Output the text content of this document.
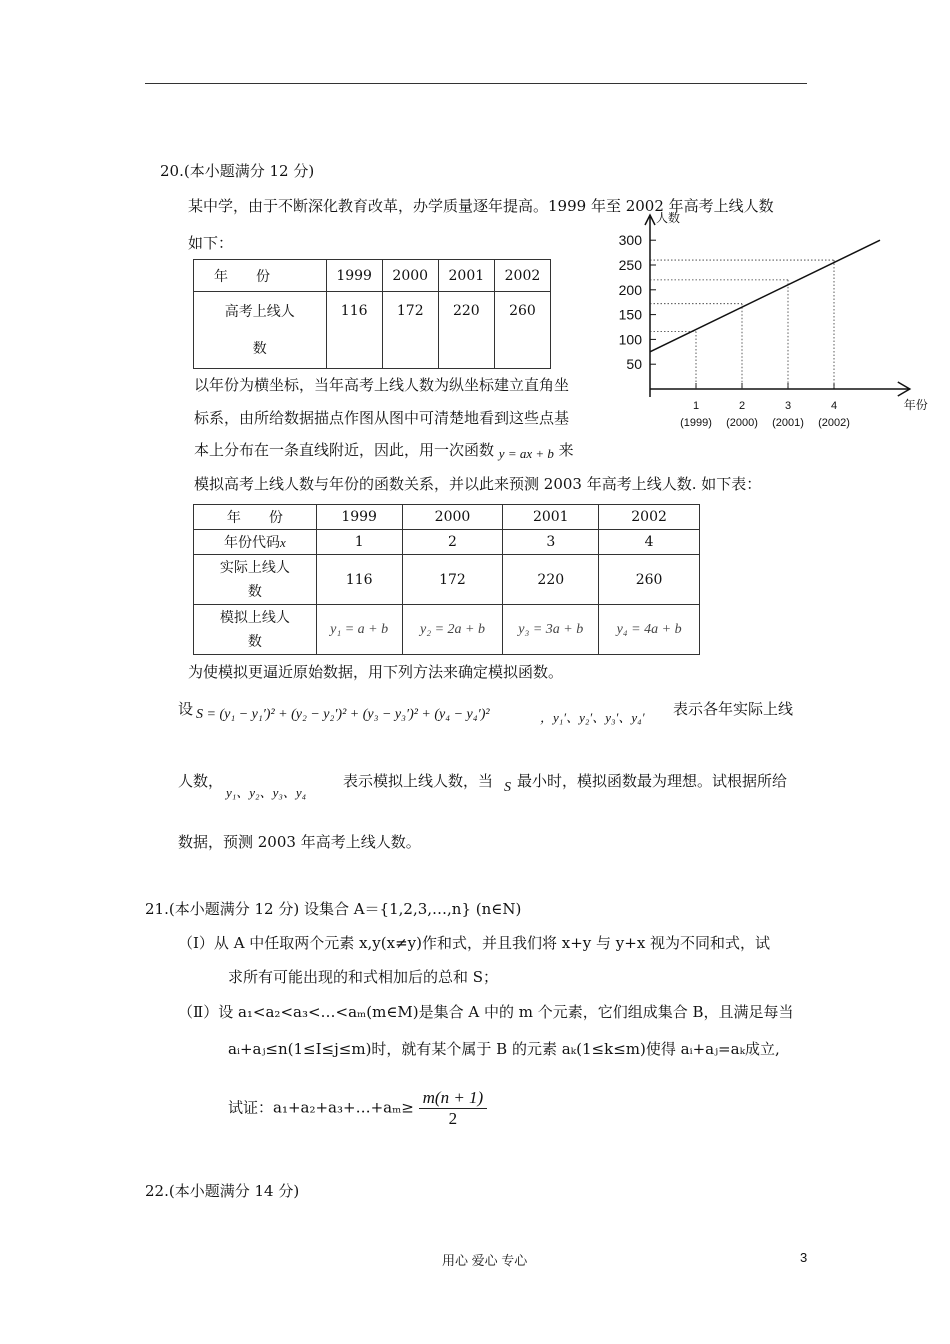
20.(本小题满分 12 分)
某中学，由于不断深化教育改革，办学质量逐年提高。1999 年至 2002 年高考上线人数
如下：
年　　份	1999	2000	2001	2002
高考上线人
数	116	172	220	260
人数
年份
50
100
150
200
250
300
1
(1999)
2
(2000)
3
(2001)
4
(2002)
以年份为横坐标，当年高考上线人数为纵坐标建立直角坐
标系，由所给数据描点作图从图中可清楚地看到这些点基
本上分布在一条直线附近，因此，用一次函数 y = ax + b 来
模拟高考上线人数与年份的函数关系，并以此来预测 2003 年高考上线人数. 如下表：
年　　份	1999	2000	2001	2002
年份代码x	1	2	3	4
实际上线人
数	116	172	220	260
模拟上线人
数	y₁ = a + b	y₂ = 2a + b	y₃ = 3a + b	y₄ = 4a + b
为使模拟更逼近原始数据，用下列方法来确定模拟函数。
设 S = (y₁ − y₁′)² + (y₂ − y₂′)² + (y₃ − y₃′)² + (y₄ − y₄′)²	，y₁′、y₂′、y₃′、y₄′ 表示各年实际上线
人数，
y₁、y₂、y₃、y₄
表示模拟上线人数，当 S 最小时，模拟函数最为理想。试根据所给
数据，预测 2003 年高考上线人数。
21.(本小题满分 12 分) 设集合 A＝{1,2,3,…,n} (n∈N)
（Ⅰ）从 A 中任取两个元素 x,y(x≠y)作和式，并且我们将 x+y 与 y+x 视为不同和式，试
求所有可能出现的和式相加后的总和 S；
（Ⅱ）设 a₁<a₂<a₃<…<aₘ(m∈M)是集合 A 中的 m 个元素，它们组成集合 B，且满足每当
aᵢ+aⱼ≤n(1≤I≤j≤m)时，就有某个属于 B 的元素 aₖ(1≤k≤m)使得 aᵢ+aⱼ=aₖ成立,
试证：a₁+a₂+a₃+…+aₘ≥ $\frac{m(n + 1)}{2}$
22.(本小题满分 14 分)
用心 爱心 专心	3
